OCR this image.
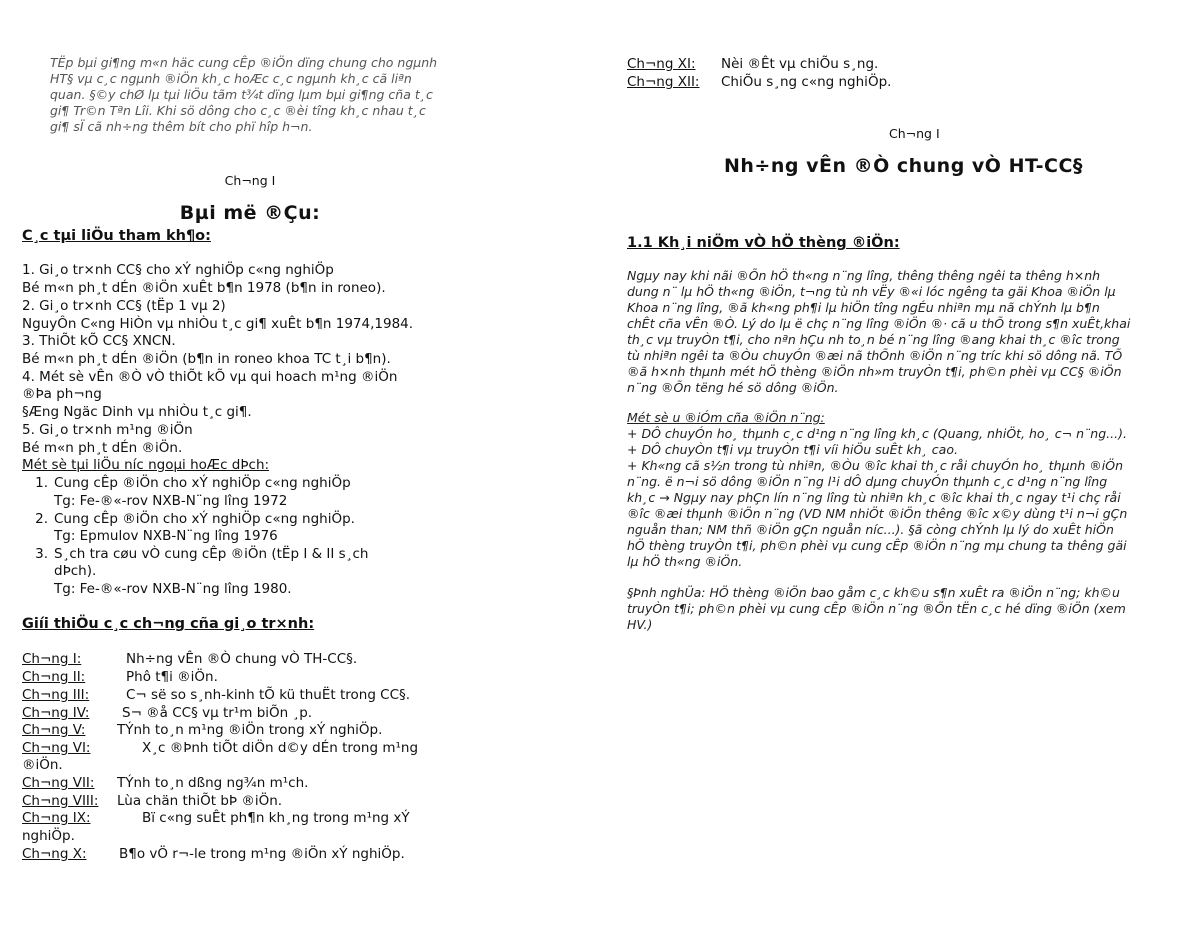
TËp bµi gi¶ng m«n häc cung cÊp ®iÖn dïng chung cho ngµnh
HT§ vµ c¸c ngµnh ®iÖn kh¸c hoÆc c¸c ngµnh kh¸c cã liªn
quan. §©y chØ lµ tµi liÖu tãm t¾t dïng lµm bµi gi¶ng cña t¸c
gi¶ Tr©n Tªn Lîi. Khi sö dông cho c¸c ®èi tîng kh¸c nhau t¸c
gi¶ sÏ cã nh÷ng thêm bít cho phï hîp h¬n.
Ch¬ng I
Bµi më ®Çu:
C¸c tµi liÖu tham kh¶o:
1. Gi¸o tr×nh CC§ cho xÝ nghiÖp c«ng nghiÖp
Bé m«n ph¸t dÉn ®iÖn xuÊt b¶n 1978 (b¶n in roneo).
2. Gi¸o tr×nh CC§ (tËp 1 vµ 2)
NguyÔn C«ng HiÒn vµ nhiÒu t¸c gi¶ xuÊt b¶n 1974,1984.
3. ThiÕt kÕ CC§ XNCN.
Bé m«n ph¸t dÉn ®iÖn (b¶n in roneo khoa TC t¸i b¶n).
4. Mét sè vÊn ®Ò vÒ thiÕt kÕ vµ qui hoach m¹ng ®iÖn
®Þa ph¬ng
§Æng Ngäc Dinh vµ nhiÒu t¸c gi¶.
5. Gi¸o tr×nh m¹ng ®iÖn
Bé m«n ph¸t dÉn ®iÖn.
Mét sè tµi liÖu níc ngoµi hoÆc dÞch:
1. Cung cÊp ®iÖn cho xÝ nghiÖp c«ng nghiÖp
Tg: Fe-®«-rov NXB-N¨ng lîng 1972
2. Cung cÊp ®iÖn cho xÝ nghiÖp c«ng nghiÖp.
Tg: Epmulov NXB-N¨ng lîng 1976
3. S¸ch tra cøu vÒ cung cÊp ®iÖn (tËp I & II s¸ch
dÞch).
Tg: Fe-®«-rov NXB-N¨ng lîng 1980.
Giíi thiÖu c¸c ch¬ng cña gi¸o tr×nh:
Ch¬ng I:	Nh÷ng vÊn ®Ò chung vÒ TH-CC§.
Ch¬ng II:	Phô t¶i ®iÖn.
Ch¬ng III:	C¬ së so s¸nh-kinh tÕ kü thuËt trong CC§.
Ch¬ng IV: S¬ ®å CC§ vµ tr¹m biÕn ¸p.
Ch¬ng V: TÝnh to¸n m¹ng ®iÖn trong xÝ nghiÖp.
Ch¬ng VI:	X¸c ®Þnh tiÕt diÖn d©y dÉn trong m¹ng
®iÖn.
Ch¬ng VII: TÝnh to¸n dßng ng¾n m¹ch.
Ch¬ng VIII: Lùa chän thiÕt bÞ ®iÖn.
Ch¬ng IX:	Bï c«ng suÊt ph¶n kh¸ng trong m¹ng xÝ
nghiÖp.
Ch¬ng X: B¶o vÖ r¬-le trong m¹ng ®iÖn xÝ nghiÖp.
Ch¬ng XI: Nèi ®Êt vµ chiÕu s¸ng.
Ch¬ng XII: ChiÕu s¸ng c«ng nghiÖp.
Ch¬ng I
Nh÷ng vÊn ®Ò chung vÒ HT-CC§
1.1 Kh¸i niÖm vÒ hÖ thèng ®iÖn:
Ngµy nay khi nãi ®Õn hÖ th«ng n¨ng lîng, thêng thêng ngêi ta thêng h×nh
dung n¨ lµ hÖ th«ng ®iÖn, t¬ng tù nh vËy ®«i lóc ngêng ta gäi Khoa ®iÖn lµ
Khoa n¨ng lîng, ®ã kh«ng ph¶i lµ hiÖn tîng ngÉu nhiªn mµ nã chÝnh lµ b¶n
chÊt cña vÊn ®Ò. Lý do lµ ë chç n¨ng lîng ®iÖn ®· cã u thÕ trong s¶n xuÊt,khai
th¸c vµ truyÒn t¶i, cho nªn hÇu nh to¸n bé n¨ng lîng ®ang khai th¸c ®îc trong
tù nhiªn ngêi ta ®Òu chuyÓn ®æi nã thÕnh ®iÖn n¨ng tríc khi sö dông nã. TÕ
®ã h×nh thµnh mét hÖ thèng ®iÖn nh»m truyÒn t¶i, ph©n phèi vµ CC§ ®iÖn
n¨ng ®Õn tëng hé sö dông ®iÖn.
Mét sè u ®iÓm cña ®iÖn n¨ng:
+ DÔ chuyÓn ho¸ thµnh c¸c d¹ng n¨ng lîng kh¸c (Quang, nhiÖt, ho¸ c¬ n¨ng...).
+ DÔ chuyÒn t¶i vµ truyÒn t¶i víi hiÖu suÊt kh¸ cao.
+ Kh«ng cã s½n trong tù nhiªn, ®Òu ®îc khai th¸c råi chuyÓn ho¸ thµnh ®iÖn
n¨ng. ë n¬i sö dông ®iÖn n¨ng l¹i dÔ dµng chuyÓn thµnh c¸c d¹ng n¨ng lîng
kh¸c → Ngµy nay phÇn lín n¨ng lîng tù nhiªn kh¸c ®îc khai th¸c ngay t¹i chç råi
®îc ®æi thµnh ®iÖn n¨ng (VD NM nhiÖt ®iÖn thêng ®îc x©y dùng t¹i n¬i gÇn
nguån than; NM thñ ®iÖn gÇn nguån níc...). §ã còng chÝnh lµ lý do xuÊt hiÖn
hÖ thèng truyÒn t¶i, ph©n phèi vµ cung cÊp ®iÖn n¨ng mµ chung ta thêng gäi
lµ hÖ th«ng ®iÖn.
§Þnh nghÜa: HÖ thèng ®iÖn bao gåm c¸c kh©u s¶n xuÊt ra ®iÖn n¨ng; kh©u
truyÒn t¶i; ph©n phèi vµ cung cÊp ®iÖn n¨ng ®Õn tËn c¸c hé dïng ®iÖn (xem
HV.)
